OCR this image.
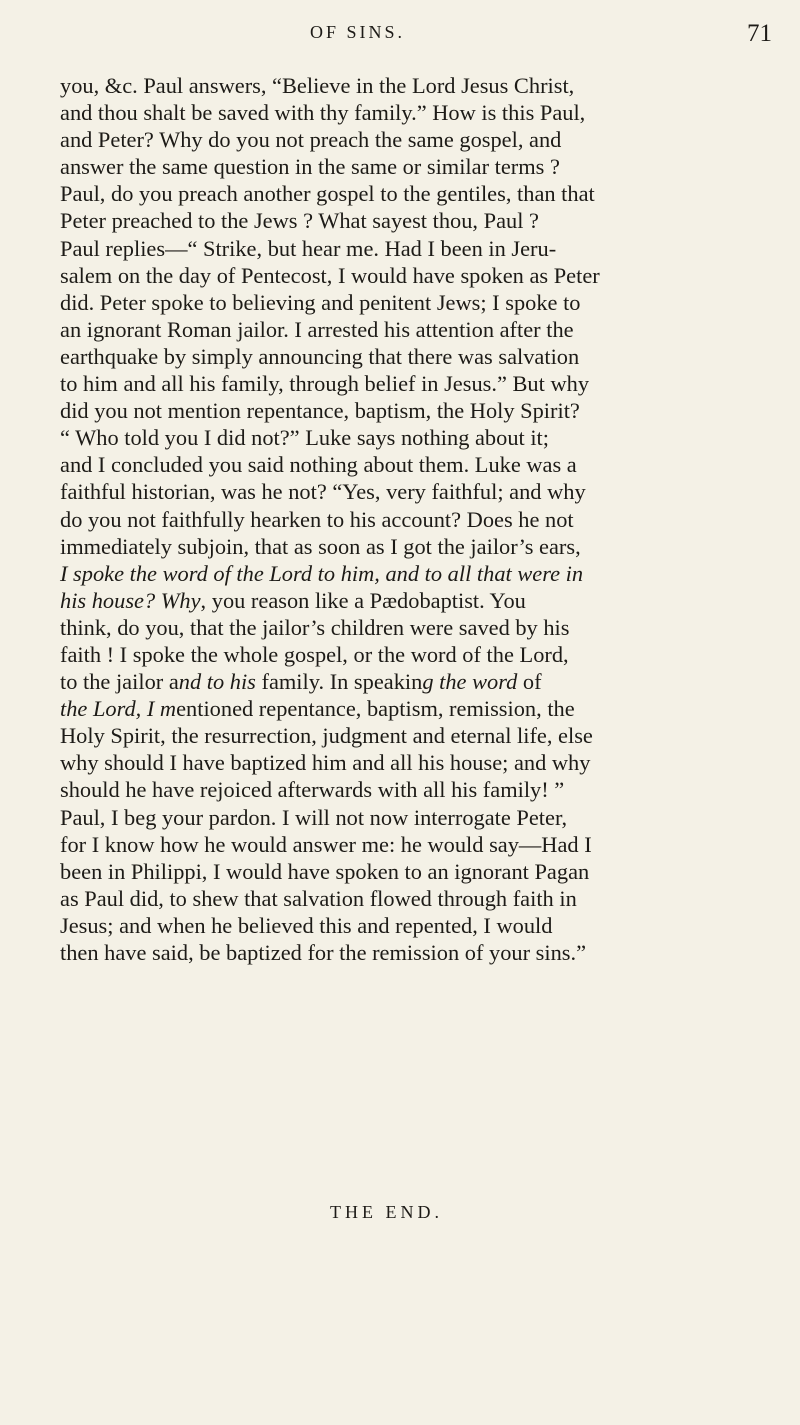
OF SINS.	71
you, &c. Paul answers, “Believe in the Lord Jesus Christ,
and thou shalt be saved with thy family.” How is this Paul,
and Peter? Why do you not preach the same gospel, and
answer the same question in the same or similar terms ?
Paul, do you preach another gospel to the gentiles, than that
Peter preached to the Jews ? What sayest thou, Paul ?
Paul replies—“ Strike, but hear me. Had I been in Jeru-
salem on the day of Pentecost, I would have spoken as Peter
did. Peter spoke to believing and penitent Jews; I spoke to
an ignorant Roman jailor. I arrested his attention after the
earthquake by simply announcing that there was salvation
to him and all his family, through belief in Jesus.” But why
did you not mention repentance, baptism, the Holy Spirit?
“ Who told you I did not?” Luke says nothing about it;
and I concluded you said nothing about them. Luke was a
faithful historian, was he not? “Yes, very faithful; and why
do you not faithfully hearken to his account? Does he not
immediately subjoin, that as soon as I got the jailor’s ears,
I spoke the word of the Lord to him, and to all that were in
his house? Why, you reason like a Pædobaptist. You
think, do you, that the jailor’s children were saved by his
faith ! I spoke the whole gospel, or the word of the Lord,
to the jailor and to his family. In speaking the word of
the Lord, I mentioned repentance, baptism, remission, the
Holy Spirit, the resurrection, judgment and eternal life, else
why should I have baptized him and all his house; and why
should he have rejoiced afterwards with all his family! ”
Paul, I beg your pardon. I will not now interrogate Peter,
for I know how he would answer me: he would say—Had I
been in Philippi, I would have spoken to an ignorant Pagan
as Paul did, to shew that salvation flowed through faith in
Jesus; and when he believed this and repented, I would
then have said, be baptized for the remission of your sins.”
THE END.
